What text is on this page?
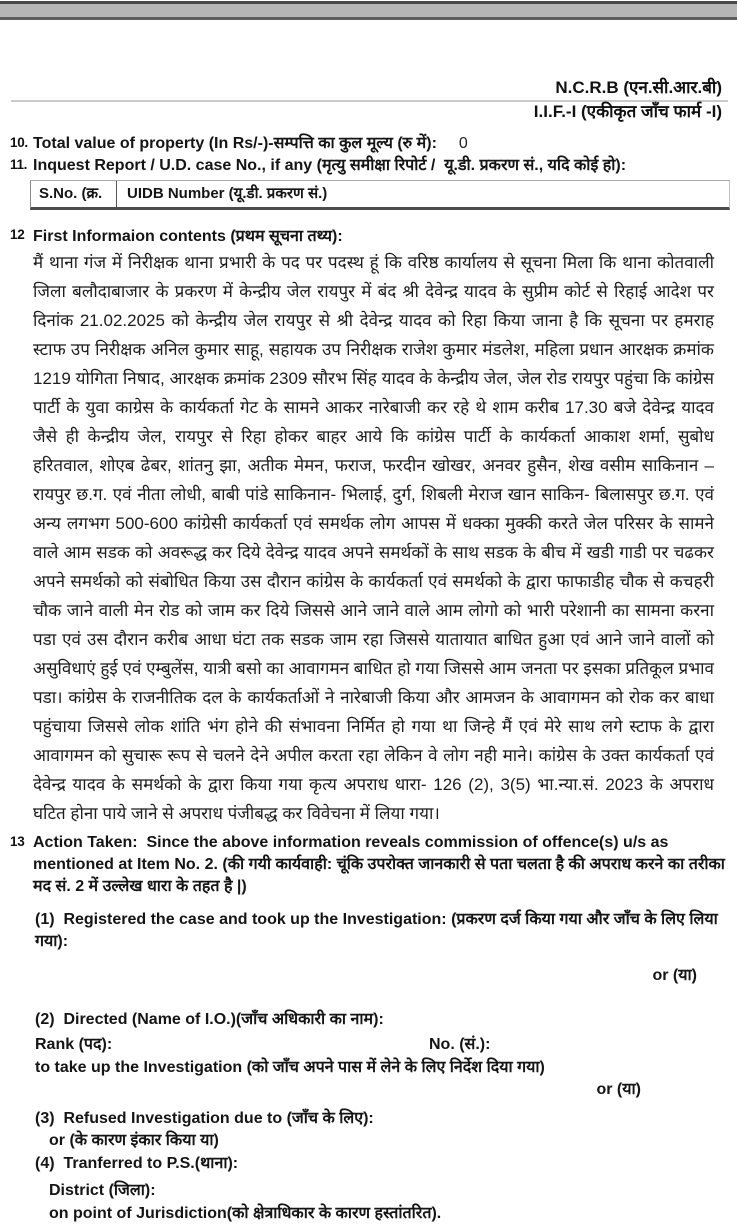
N.C.R.B (एन.सी.आर.बी)
I.I.F.-I (एकीकृत जाँच फार्म -I)
10. Total value of property (In Rs/-)-सम्पत्ति का कुल मूल्य (रु में): 0
11. Inquest Report / U.D. case No., if any (मृत्यु समीक्षा रिपोर्ट /  यू.डी. प्रकरण सं., यदि कोई हो):
S.No. (क्र.	UIDB Number (यू.डी. प्रकरण सं.)
12 First Informaion contents (प्रथम सूचना तथ्य):
मैं थाना गंज में निरीक्षक थाना प्रभारी के पद पर पदस्थ हूं कि वरिष्ठ कार्यालय से सूचना मिला कि थाना कोतवाली जिला बलौदाबाजार के प्रकरण में केन्द्रीय जेल रायपुर में बंद श्री देवेन्द्र यादव के सुप्रीम कोर्ट से रिहाई आदेश पर दिनांक 21.02.2025 को केन्द्रीय जेल रायपुर से श्री देवेन्द्र यादव को रिहा किया जाना है कि सूचना पर हमराह स्टाफ उप निरीक्षक अनिल कुमार साहू, सहायक उप निरीक्षक राजेश कुमार मंडलेश, महिला प्रधान आरक्षक क्रमांक 1219 योगिता निषाद, आरक्षक क्रमांक 2309 सौरभ सिंह यादव के केन्द्रीय जेल, जेल रोड रायपुर पहुंचा कि कांग्रेस पार्टी के युवा काग्रेस के कार्यकर्ता गेट के सामने आकर नारेबाजी कर रहे थे शाम करीब 17.30 बजे देवेन्द्र यादव जैसे ही केन्द्रीय जेल, रायपुर से रिहा होकर बाहर आये कि कांग्रेस पार्टी के कार्यकर्ता आकाश शर्मा, सुबोध हरितवाल, शोएब ढेबर, शांतनु झा, अतीक मेमन, फराज, फरदीन खोखर, अनवर हुसैन, शेख वसीम साकिनान – रायपुर छ.ग. एवं नीता लोधी, बाबी पांडे साकिनान- भिलाई, दुर्ग, शिबली मेराज खान साकिन- बिलासपुर छ.ग. एवं अन्य लगभग 500-600 कांग्रेसी कार्यकर्ता एवं समर्थक लोग आपस में धक्का मुक्की करते जेल परिसर के सामने वाले आम सडक को अवरूद्ध कर दिये देवेन्द्र यादव अपने समर्थकों के साथ सडक के बीच में खडी गाडी पर चढकर अपने समर्थको को संबोधित किया उस दौरान कांग्रेस के कार्यकर्ता एवं समर्थको के द्वारा फाफाडीह चौक से कचहरी चौक जाने वाली मेन रोड को जाम कर दिये जिससे आने जाने वाले आम लोगो को भारी परेशानी का सामना करना पडा एवं उस दौरान करीब आधा घंटा तक सडक जाम रहा जिससे यातायात बाधित हुआ एवं आने जाने वालों को असुविधाएं हुई एवं एम्बुलेंस, यात्री बसो का आवागमन बाधित हो गया जिससे आम जनता पर इसका प्रतिकूल प्रभाव पडा। कांग्रेस के राजनीतिक दल के कार्यकर्ताओं ने नारेबाजी किया और आमजन के आवागमन को रोक कर बाधा पहुंचाया जिससे लोक शांति भंग होने की संभावना निर्मित हो गया था जिन्हे मैं एवं मेरे साथ लगे स्टाफ के द्वारा आवागमन को सुचारू रूप से चलने देने अपील करता रहा लेकिन वे लोग नही माने। कांग्रेस के उक्त कार्यकर्ता एवं देवेन्द्र यादव के समर्थको के द्वारा किया गया कृत्य अपराध धारा- 126 (2), 3(5) भा.न्या.सं. 2023 के अपराध घटित होना पाये जाने से अपराध पंजीबद्ध कर विवेचना में लिया गया।
13 Action Taken:  Since the above information reveals commission of offence(s) u/s as mentioned at Item No. 2. (की गयी कार्यवाही: चूंकि उपरोक्त जानकारी से पता चलता है की अपराध करने का तरीका मद सं. 2 में उल्लेख धारा के तहत है |)
(1)  Registered the case and took up the Investigation: (प्रकरण दर्ज किया गया और जाँच के लिए लिया गया):
or (या)
(2)  Directed (Name of I.O.)(जाँच अधिकारी का नाम):
Rank (पद):	No. (सं.):
to take up the Investigation (को जाँच अपने पास में लेने के लिए निर्देश दिया गया)
or (या)
(3)  Refused Investigation due to (जाँच के लिए):
or (के कारण इंकार किया या)
(4)  Tranferred to P.S.(थाना):
District (जिला):
on point of Jurisdiction(को क्षेत्राधिकार के कारण हस्तांतरित).
